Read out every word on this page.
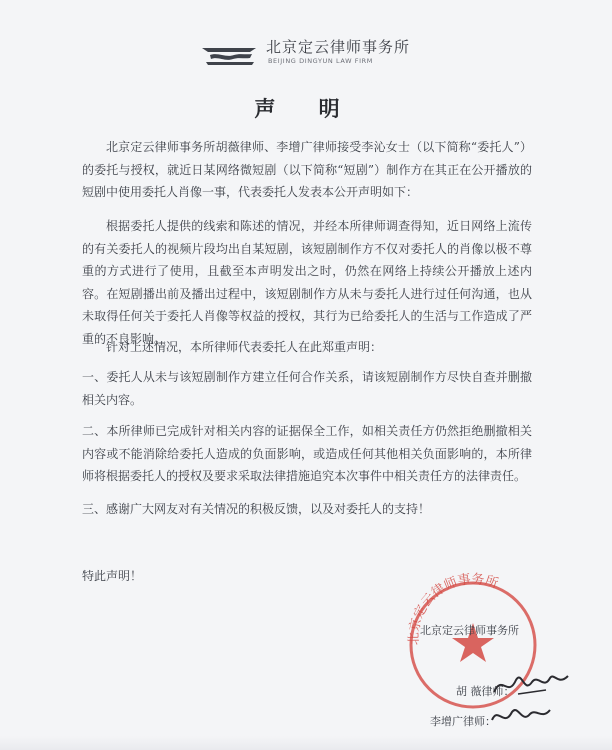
北京定云律师事务所
BEIJING DINGYUN LAW FIRM
声 明
北京定云律师事务所胡薇律师、李增广律师接受李沁女士（以下简称“委托人”）的委托与授权，就近日某网络微短剧（以下简称“短剧”）制作方在其正在公开播放的短剧中使用委托人肖像一事，代表委托人发表本公开声明如下：
根据委托人提供的线索和陈述的情况，并经本所律师调查得知，近日网络上流传的有关委托人的视频片段均出自某短剧，该短剧制作方不仅对委托人的肖像以极不尊重的方式进行了使用，且截至本声明发出之时，仍然在网络上持续公开播放上述内容。在短剧播出前及播出过程中，该短剧制作方从未与委托人进行过任何沟通，也从未取得任何关于委托人肖像等权益的授权，其行为已给委托人的生活与工作造成了严重的不良影响。
针对上述情况，本所律师代表委托人在此郑重声明：
一、委托人从未与该短剧制作方建立任何合作关系，请该短剧制作方尽快自查并删撤相关内容。
二、本所律师已完成针对相关内容的证据保全工作，如相关责任方仍然拒绝删撤相关内容或不能消除给委托人造成的负面影响，或造成任何其他相关负面影响的，本所律师将根据委托人的授权及要求采取法律措施追究本次事件中相关责任方的法律责任。
三、感谢广大网友对有关情况的积极反馈，以及对委托人的支持！
特此声明！
北京定云律师事务所
北京定云律师事务所
胡 薇律师：
李增广律师：
